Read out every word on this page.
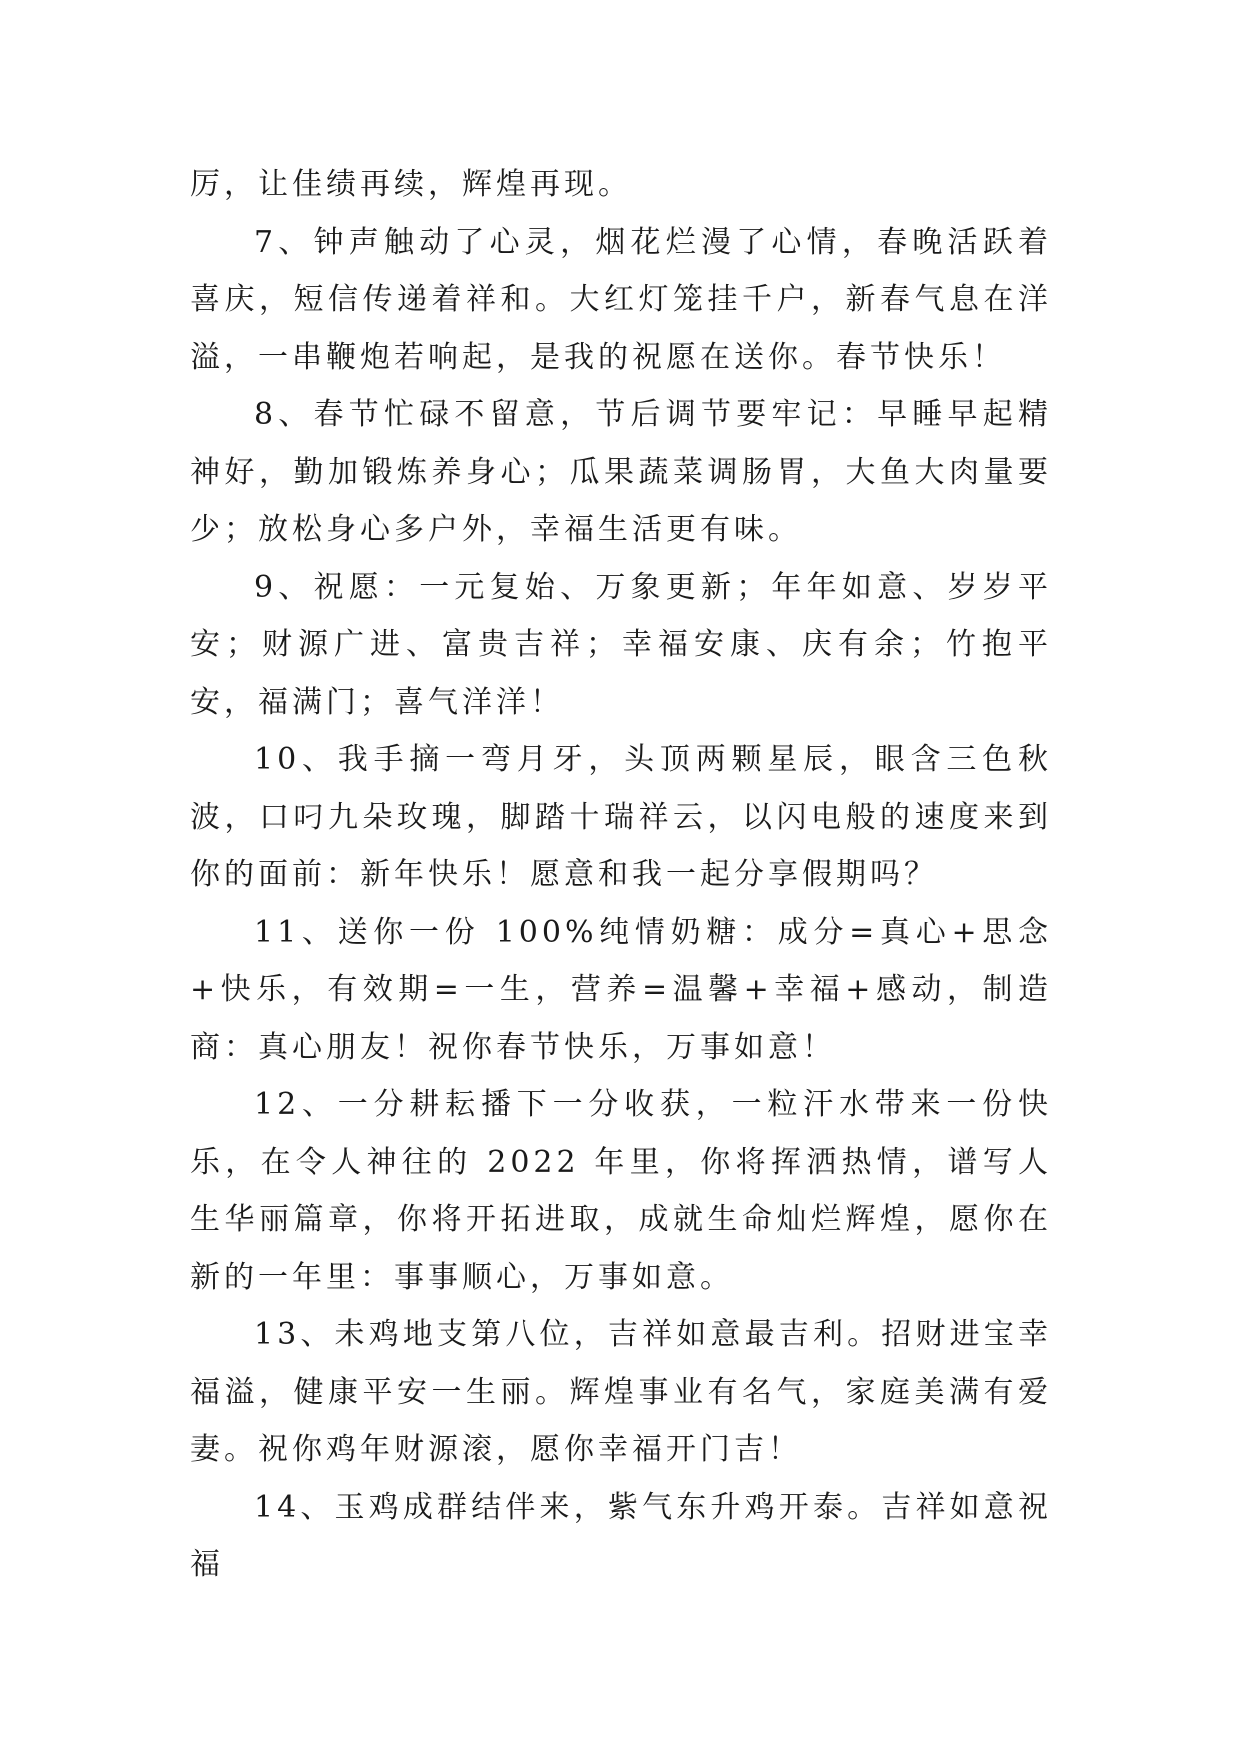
厉，让佳绩再续，辉煌再现。

7、钟声触动了心灵，烟花烂漫了心情，春晚活跃着喜庆，短信传递着祥和。大红灯笼挂千户，新春气息在洋溢，一串鞭炮若响起，是我的祝愿在送你。春节快乐！

8、春节忙碌不留意，节后调节要牢记：早睡早起精神好，勤加锻炼养身心；瓜果蔬菜调肠胃，大鱼大肉量要少；放松身心多户外，幸福生活更有味。

9、祝愿：一元复始、万象更新；年年如意、岁岁平安；财源广进、富贵吉祥；幸福安康、庆有余；竹抱平安，福满门；喜气洋洋！

10、我手摘一弯月牙，头顶两颗星辰，眼含三色秋波，口叼九朵玫瑰，脚踏十瑞祥云，以闪电般的速度来到你的面前：新年快乐！愿意和我一起分享假期吗？

11、送你一份 100%纯情奶糖：成分=真心+思念+快乐，有效期=一生，营养=温馨+幸福+感动，制造商：真心朋友！祝你春节快乐，万事如意！

12、一分耕耘播下一分收获，一粒汗水带来一份快乐，在令人神往的 2022 年里，你将挥洒热情，谱写人生华丽篇章，你将开拓进取，成就生命灿烂辉煌，愿你在新的一年里：事事顺心，万事如意。

13、未鸡地支第八位，吉祥如意最吉利。招财进宝幸福溢，健康平安一生丽。辉煌事业有名气，家庭美满有爱妻。祝你鸡年财源滚，愿你幸福开门吉！

14、玉鸡成群结伴来，紫气东升鸡开泰。吉祥如意祝福
